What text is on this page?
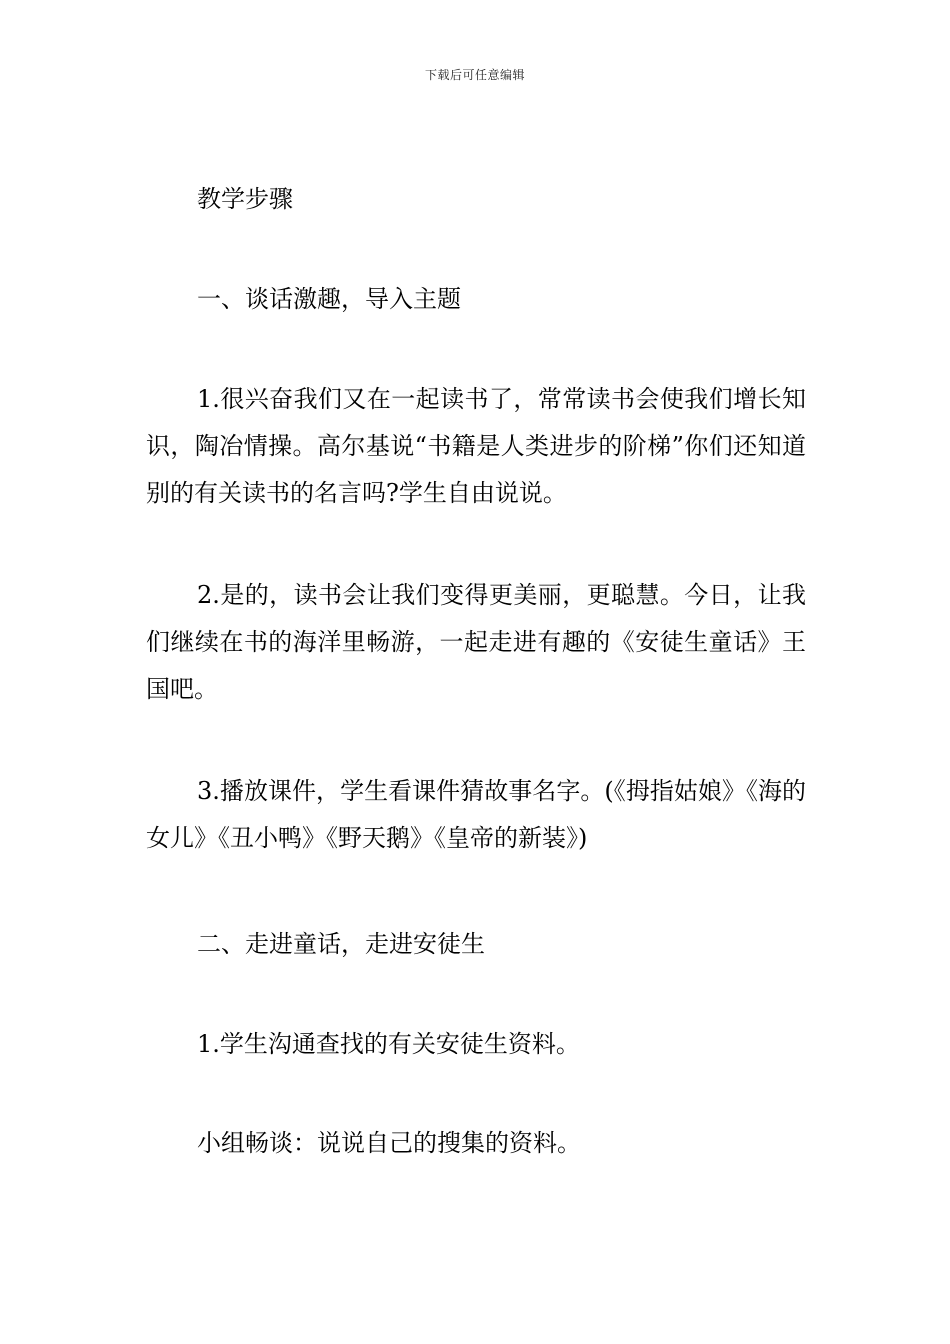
下载后可任意编辑

教学步骤

一、谈话激趣，导入主题

1.很兴奋我们又在一起读书了，常常读书会使我们增长知识，陶冶情操。高尔基说“书籍是人类进步的阶梯”你们还知道别的有关读书的名言吗?学生自由说说。

2.是的，读书会让我们变得更美丽，更聪慧。今日，让我们继续在书的海洋里畅游，一起走进有趣的《安徒生童话》王国吧。

3.播放课件，学生看课件猜故事名字。(《拇指姑娘》《海的女儿》《丑小鸭》《野天鹅》《皇帝的新装》)

二、走进童话，走进安徒生

1.学生沟通查找的有关安徒生资料。

小组畅谈：说说自己的搜集的资料。
